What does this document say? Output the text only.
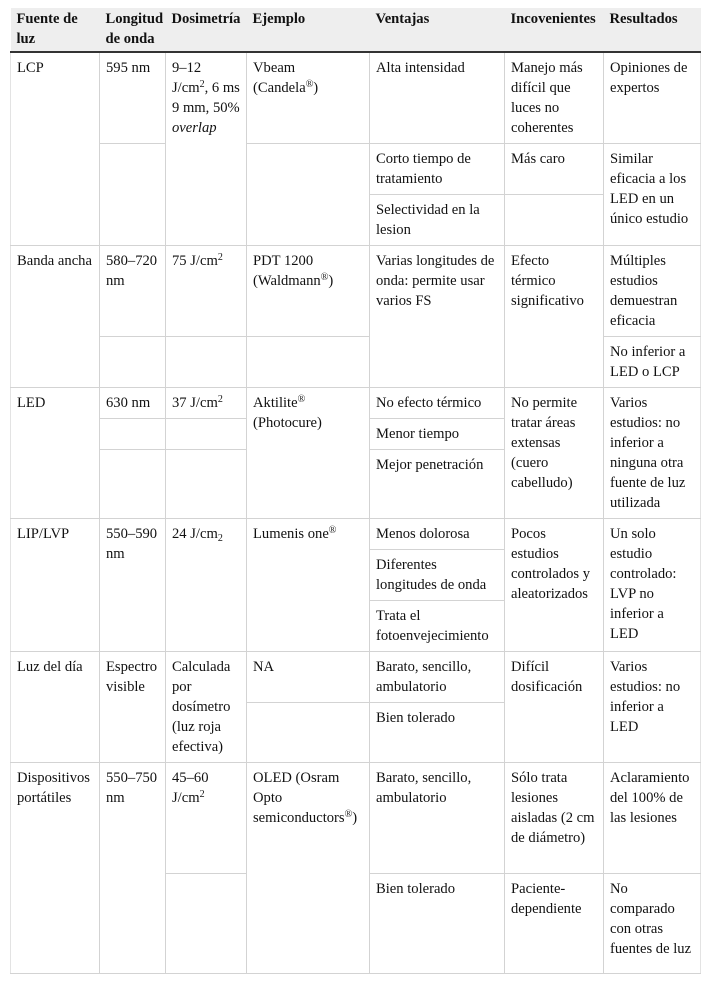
Fuente de luz	Longitud de onda	Dosimetría	Ejemplo	Ventajas	Incovenientes	Resultados
LCP	595 nm	9–12 $J/cm^2$, 6 ms 9 mm, 50% overlap	Vbeam (Candela®)	Alta intensidad	Manejo más difícil que luces no coherentes	Opiniones de expertos
				Corto tiempo de tratamiento	Más caro	Similar eficacia a los LED en un único estudio
				Selectividad en la lesion		
Banda ancha	580–720 nm	75 $J/cm^2$	PDT 1200 (Waldmann®)	Varias longitudes de onda: permite usar varios FS	Efecto térmico significativo	Múltiples estudios demuestran eficacia
						No inferior a LED o LCP
LED	630 nm	37 $J/cm^2$	Aktilite® (Photocure)	No efecto térmico	No permite tratar áreas extensas (cuero cabelludo)	Varios estudios: no inferior a ninguna otra fuente de luz utilizada
				Menor tiempo		
				Mejor penetración		
LIP/LVP	550–590 nm	24 $J/cm_2$	Lumenis one®	Menos dolorosa	Pocos estudios controlados y aleatorizados	Un solo estudio controlado: LVP no inferior a LED
				Diferentes longitudes de onda		
				Trata el fotoenvejecimiento		
Luz del día	Espectro visible	Calculada por dosímetro (luz roja efectiva)	NA	Barato, sencillo, ambulatorio	Difícil dosificación	Varios estudios: no inferior a LED
				Bien tolerado		
Dispositivos portátiles	550–750 nm	45–60 $J/cm^2$	OLED (Osram Opto semiconductors®)	Barato, sencillo, ambulatorio	Sólo trata lesiones aisladas (2 cm de diámetro)	Aclaramiento del 100% de las lesiones
				Bien tolerado	Paciente-dependiente	No comparado con otras fuentes de luz
